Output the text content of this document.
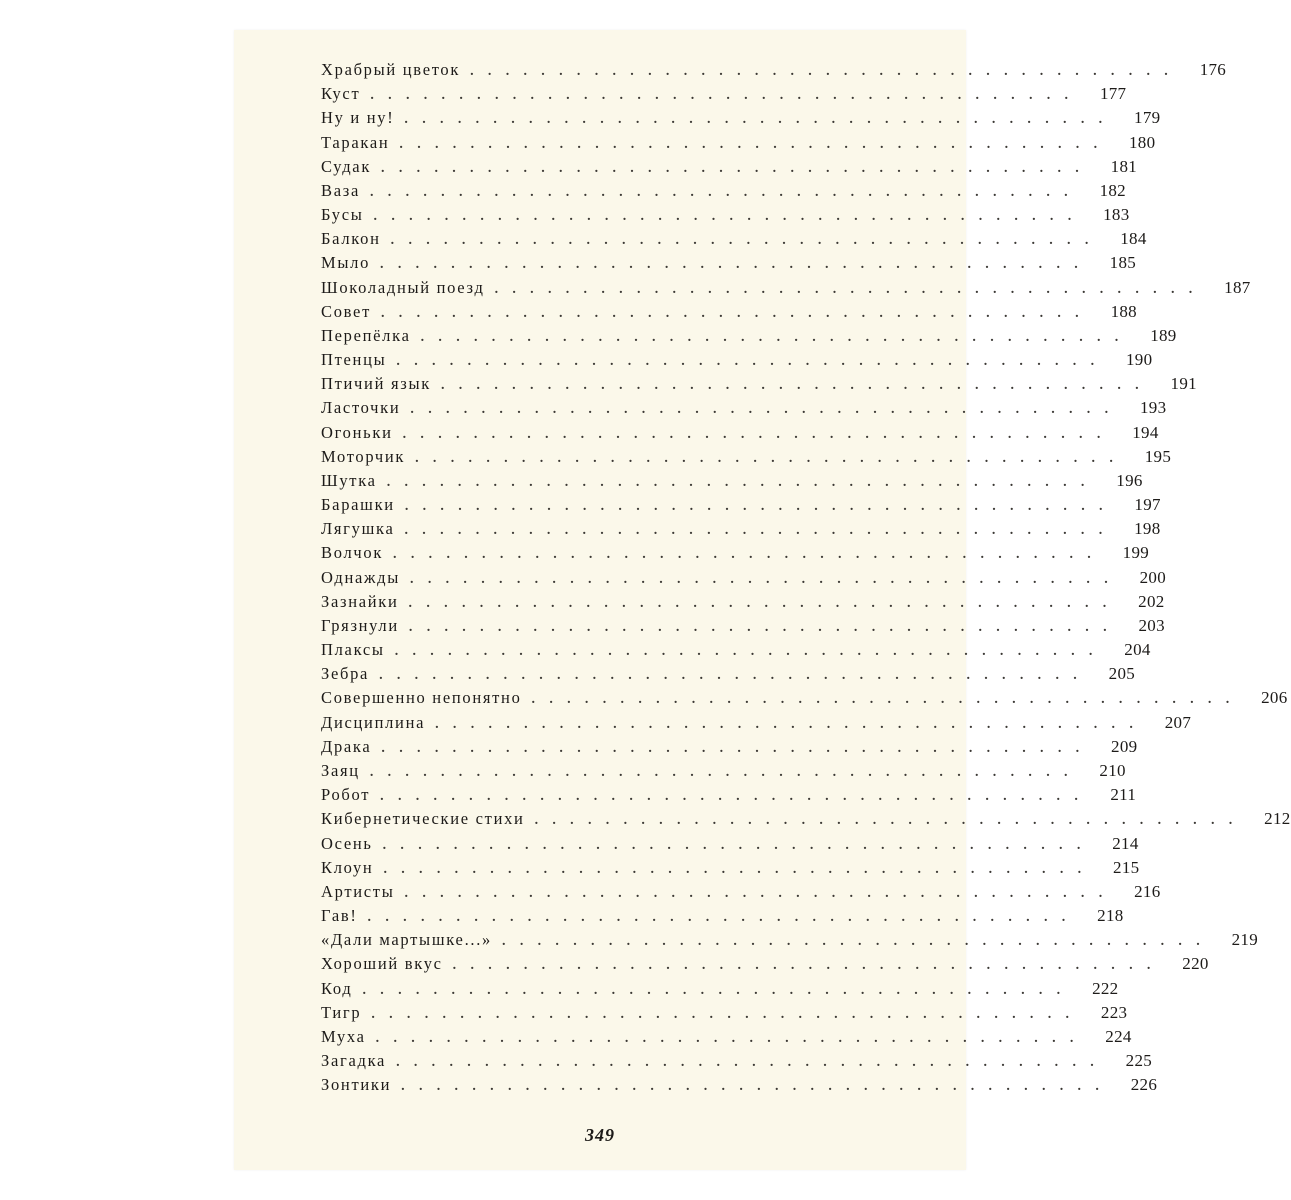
Храбрый цветок ........................................	176
Куст ........................................	177
Ну и ну! ........................................	179
Таракан ........................................	180
Судак ........................................	181
Ваза ........................................	182
Бусы ........................................	183
Балкон ........................................	184
Мыло ........................................	185
Шоколадный поезд ........................................	187
Совет ........................................	188
Перепёлка ........................................	189
Птенцы ........................................	190
Птичий язык ........................................	191
Ласточки ........................................	193
Огоньки ........................................	194
Моторчик ........................................	195
Шутка ........................................	196
Барашки ........................................	197
Лягушка ........................................	198
Волчок ........................................	199
Однажды ........................................	200
Зазнайки ........................................	202
Грязнули ........................................	203
Плаксы ........................................	204
Зебра ........................................	205
Совершенно непонятно ........................................	206
Дисциплина ........................................	207
Драка ........................................	209
Заяц ........................................	210
Робот ........................................	211
Кибернетические стихи ........................................	212
Осень ........................................	214
Клоун ........................................	215
Артисты ........................................	216
Гав! ........................................	218
«Дали мартышке...» ........................................	219
Хороший вкус ........................................	220
Код ........................................	222
Тигр ........................................	223
Муха ........................................	224
Загадка ........................................	225
Зонтики ........................................	226
349
